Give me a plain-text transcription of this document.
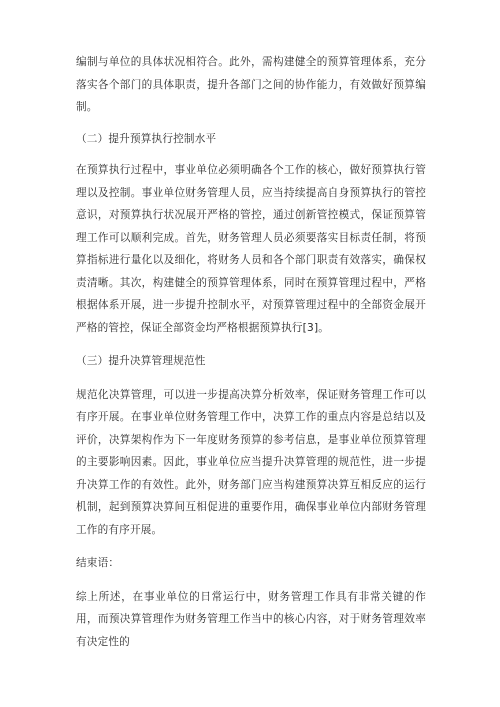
编制与单位的具体状况相符合。此外，需构建健全的预算管理体系，充分落实各个部门的具体职责，提升各部门之间的协作能力，有效做好预算编制。

（二）提升预算执行控制水平

在预算执行过程中，事业单位必须明确各个工作的核心，做好预算执行管理以及控制。事业单位财务管理人员，应当持续提高自身预算执行的管控意识，对预算执行状况展开严格的管控，通过创新管控模式，保证预算管理工作可以顺利完成。首先，财务管理人员必须要落实目标责任制，将预算指标进行量化以及细化，将财务人员和各个部门职责有效落实，确保权责清晰。其次，构建健全的预算管理体系，同时在预算管理过程中，严格根据体系开展，进一步提升控制水平，对预算管理过程中的全部资金展开严格的管控，保证全部资金均严格根据预算执行[3]。

（三）提升决算管理规范性

规范化决算管理，可以进一步提高决算分析效率，保证财务管理工作可以有序开展。在事业单位财务管理工作中，决算工作的重点内容是总结以及评价，决算架构作为下一年度财务预算的参考信息，是事业单位预算管理的主要影响因素。因此，事业单位应当提升决算管理的规范性，进一步提升决算工作的有效性。此外，财务部门应当构建预算决算互相反应的运行机制，起到预算决算间互相促进的重要作用，确保事业单位内部财务管理工作的有序开展。

结束语：

综上所述，在事业单位的日常运行中，财务管理工作具有非常关键的作用，而预决算管理作为财务管理工作当中的核心内容，对于财务管理效率有决定性的
